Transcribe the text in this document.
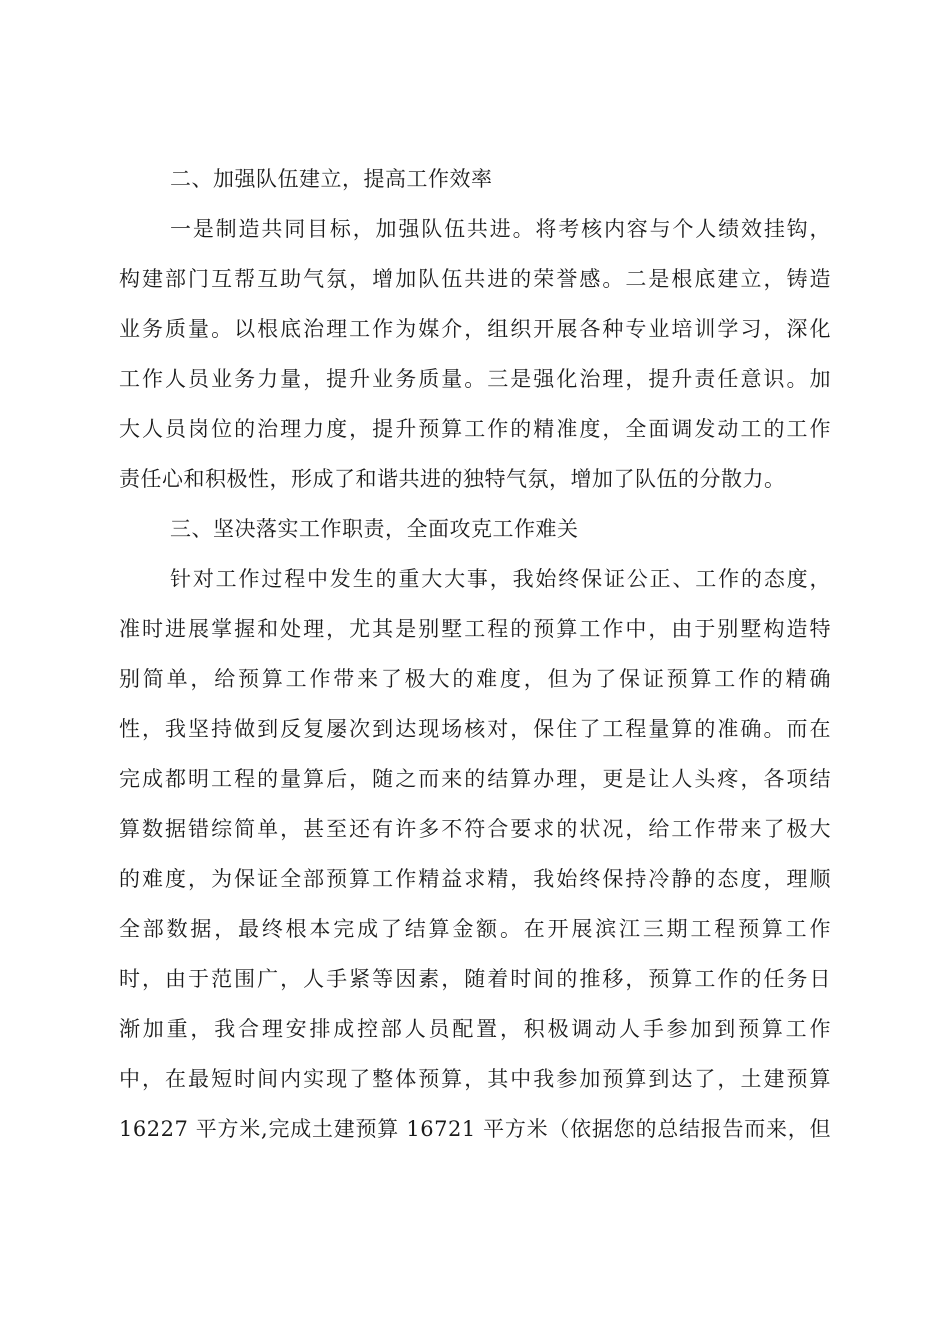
二、加强队伍建立，提高工作效率
一是制造共同目标，加强队伍共进。将考核内容与个人绩效挂钩，
构建部门互帮互助气氛，增加队伍共进的荣誉感。二是根底建立，铸造
业务质量。以根底治理工作为媒介，组织开展各种专业培训学习，深化
工作人员业务力量，提升业务质量。三是强化治理，提升责任意识。加
大人员岗位的治理力度，提升预算工作的精准度，全面调发动工的工作
责任心和积极性，形成了和谐共进的独特气氛，增加了队伍的分散力。
三、坚决落实工作职责，全面攻克工作难关
针对工作过程中发生的重大大事，我始终保证公正、工作的态度，
准时进展掌握和处理，尤其是别墅工程的预算工作中，由于别墅构造特
别简单，给预算工作带来了极大的难度，但为了保证预算工作的精确
性，我坚持做到反复屡次到达现场核对，保住了工程量算的准确。而在
完成都明工程的量算后，随之而来的结算办理，更是让人头疼，各项结
算数据错综简单，甚至还有许多不符合要求的状况，给工作带来了极大
的难度，为保证全部预算工作精益求精，我始终保持冷静的态度，理顺
全部数据，最终根本完成了结算金额。在开展滨江三期工程预算工作
时，由于范围广，人手紧等因素，随着时间的推移，预算工作的任务日
渐加重，我合理安排成控部人员配置，积极调动人手参加到预算工作
中，在最短时间内实现了整体预算，其中我参加预算到达了，土建预算
16227 平方米,完成土建预算 16721 平方米（依据您的总结报告而来，但
